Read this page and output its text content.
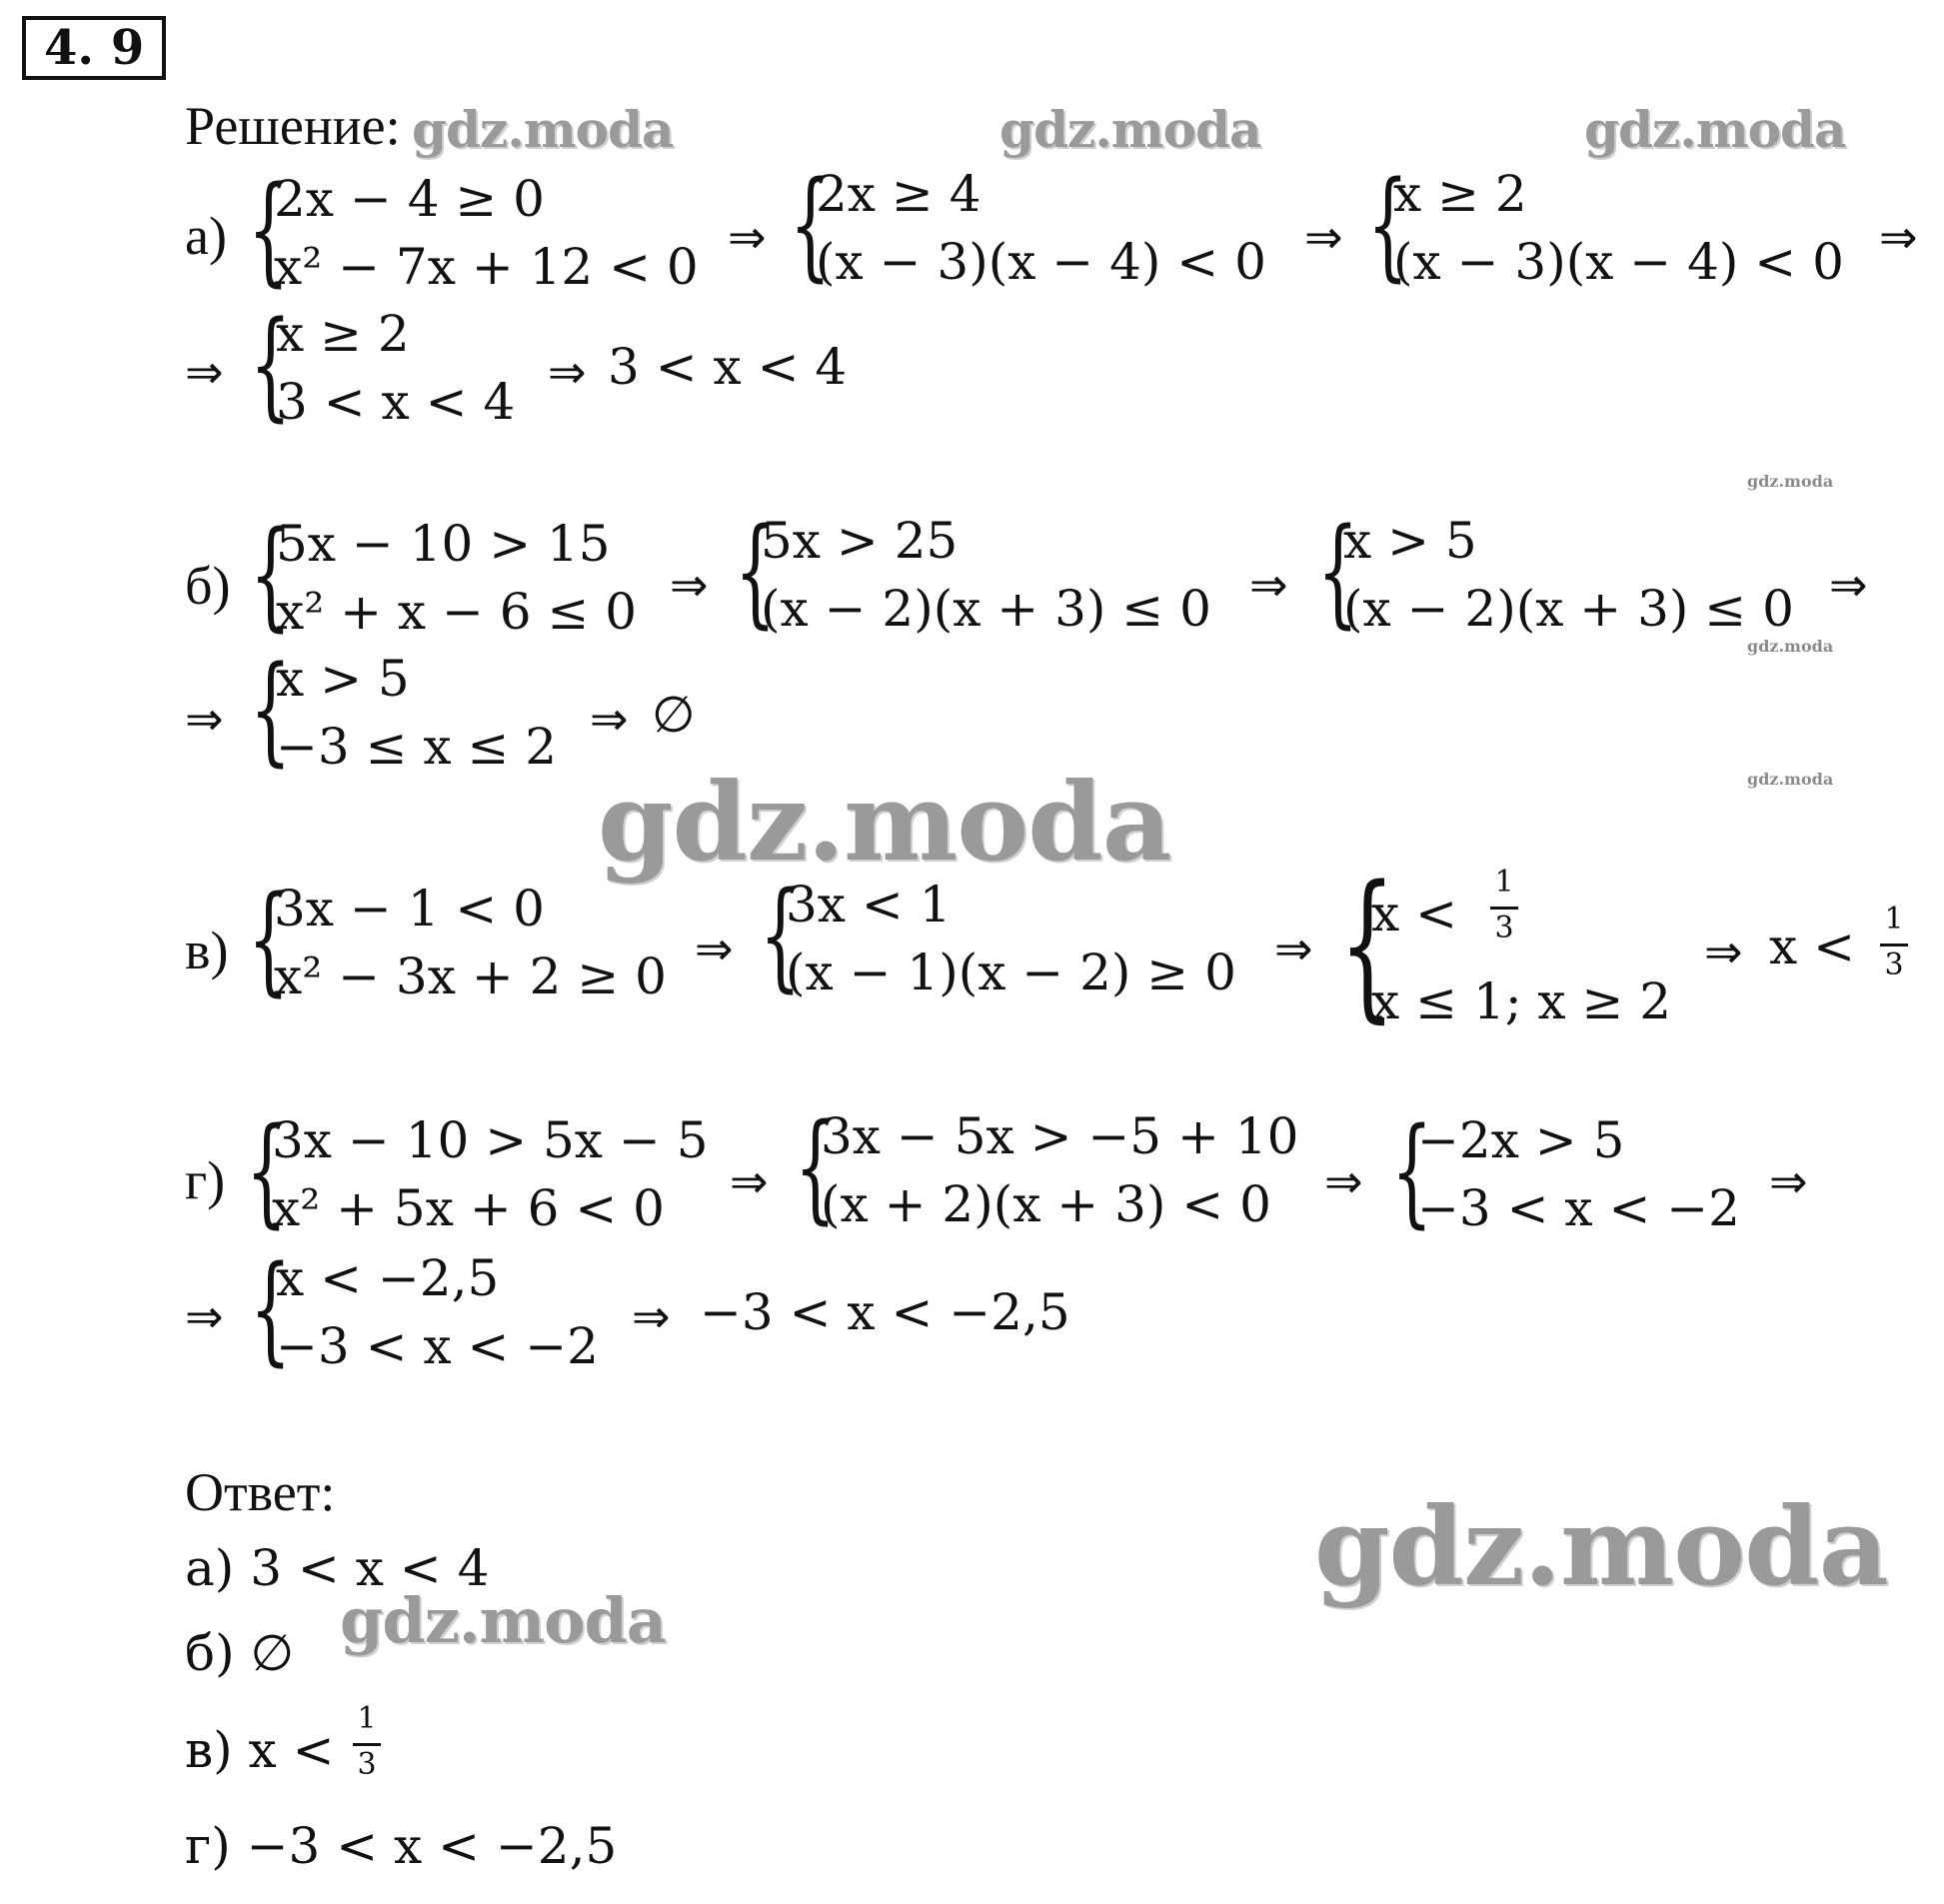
4. 9
Решение: gdz.moda	gdz.moda	gdz.moda
gdz.moda
gdz.moda
gdz.moda
gdz.moda
gdz.moda
gdz.moda
а) {
2x − 4 ≥ 0
x² − 7x + 12 < 0
⇒ {
2x ≥ 4
(x − 3)(x − 4) < 0 ⇒ {
x ≥ 2
(x − 3)(x − 4) < 0 ⇒
⇒ {
x ≥ 2
3 < x < 4
⇒ 3 < x < 4
б) {
5x − 10 > 15
x² + x − 6 ≤ 0 ⇒ {
5x > 25
(x − 2)(x + 3) ≤ 0 ⇒ {
x > 5
(x − 2)(x + 3) ≤ 0 ⇒
⇒ {
x > 5
−3 ≤ x ≤ 2 ⇒ ∅
в) {
3x − 1 < 0
x² − 3x + 2 ≥ 0 ⇒ {
3x < 1
(x − 1)(x − 2) ≥ 0 ⇒ {
x <
1
3
x ≤ 1; x ≥ 2
⇒ x < 1
3
г) {
3x − 10 > 5x − 5
x² + 5x + 6 < 0 ⇒ {
3x − 5x > −5 + 10
(x + 2)(x + 3) < 0 ⇒ {
−2x > 5
−3 < x < −2 ⇒
⇒ {
x < −2,5
−3 < x < −2
⇒ −3 < x < −2,5
Ответ:
а) 3 < x < 4
б) ∅
в) x <
1
3
г) −3 < x < −2,5
